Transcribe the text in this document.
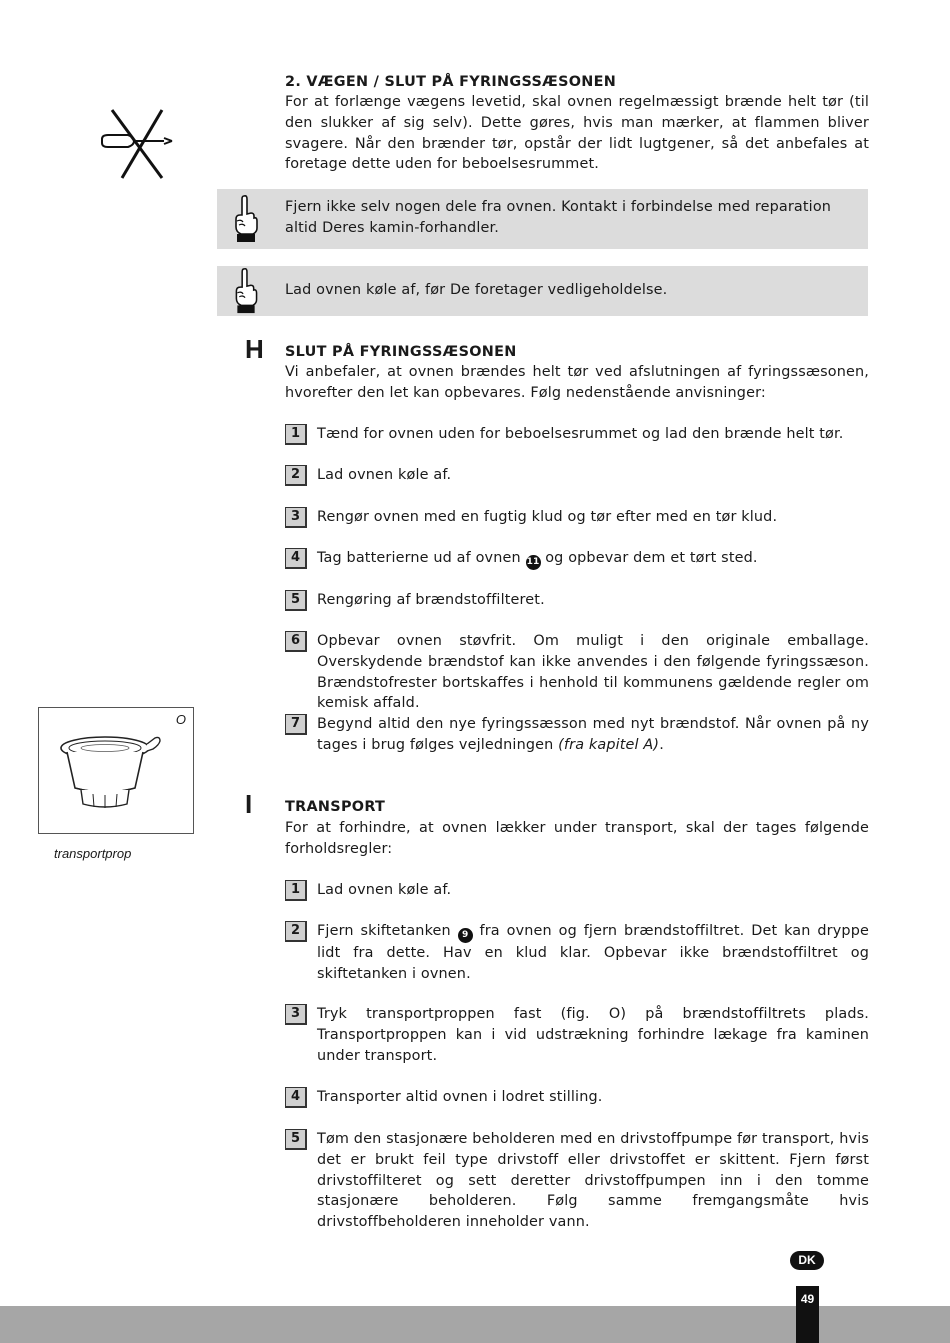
2. VÆGEN / SLUT PÅ FYRINGSSÆSONEN
For at forlænge vægens levetid, skal ovnen regelmæssigt brænde helt tør (til den slukker af sig selv). Dette gøres, hvis man mærker, at flammen bliver svagere. Når den brænder tør, opstår der lidt lugtgener, så det anbefales at foretage dette uden for beboelsesrummet.
Fjern ikke selv nogen dele fra ovnen. Kontakt i forbindelse med reparation altid Deres kamin-forhandler.
Lad ovnen køle af, før De foretager vedligeholdelse.
H SLUT PÅ FYRINGSSÆSONEN
Vi anbefaler, at ovnen brændes helt tør ved afslutningen af fyringssæsonen, hvorefter den let kan opbevares. Følg nedenstående anvisninger:
1	Tænd for ovnen uden for beboelsesrummet og lad den brænde helt tør.
2	Lad ovnen køle af.
3	Rengør ovnen med en fugtig klud og tør efter med en tør klud.
4	Tag batterierne ud af ovnen 11 og opbevar dem et tørt sted.
5	Rengøring af brændstoffilteret.
6	Opbevar ovnen støvfrit. Om muligt i den originale emballage. Overskydende brændstof kan ikke anvendes i den følgende fyringssæson. Brændstofrester bortskaffes i henhold til kommunens gældende regler om kemisk affald.
7	Begynd altid den nye fyringssæsson med nyt brændstof. Når ovnen på ny tages i brug følges vejledningen (fra kapitel A).
O
transportprop
I TRANSPORT
For at forhindre, at ovnen lækker under transport, skal der tages følgende forholdsregler:
1	Lad ovnen køle af.
2	Fjern skiftetanken 9 fra ovnen og fjern brændstoffiltret. Det kan dryppe lidt fra dette. Hav en klud klar. Opbevar ikke brændstoffiltret og skiftetanken i ovnen.
3	Tryk transportproppen fast (fig. O) på brændstoffiltrets plads. Transportproppen kan i vid udstrækning forhindre lækage fra kaminen under transport.
4	Transporter altid ovnen i lodret stilling.
5	Tøm den stasjonære beholderen med en drivstoffpumpe før transport, hvis det er brukt feil type drivstoff eller drivstoffet er skittent. Fjern først drivstoffilteret og sett deretter drivstoffpumpen inn i den tomme stasjonære beholderen. Følg samme fremgangsmåte hvis drivstoffbeholderen inneholder vann.
DK
49
